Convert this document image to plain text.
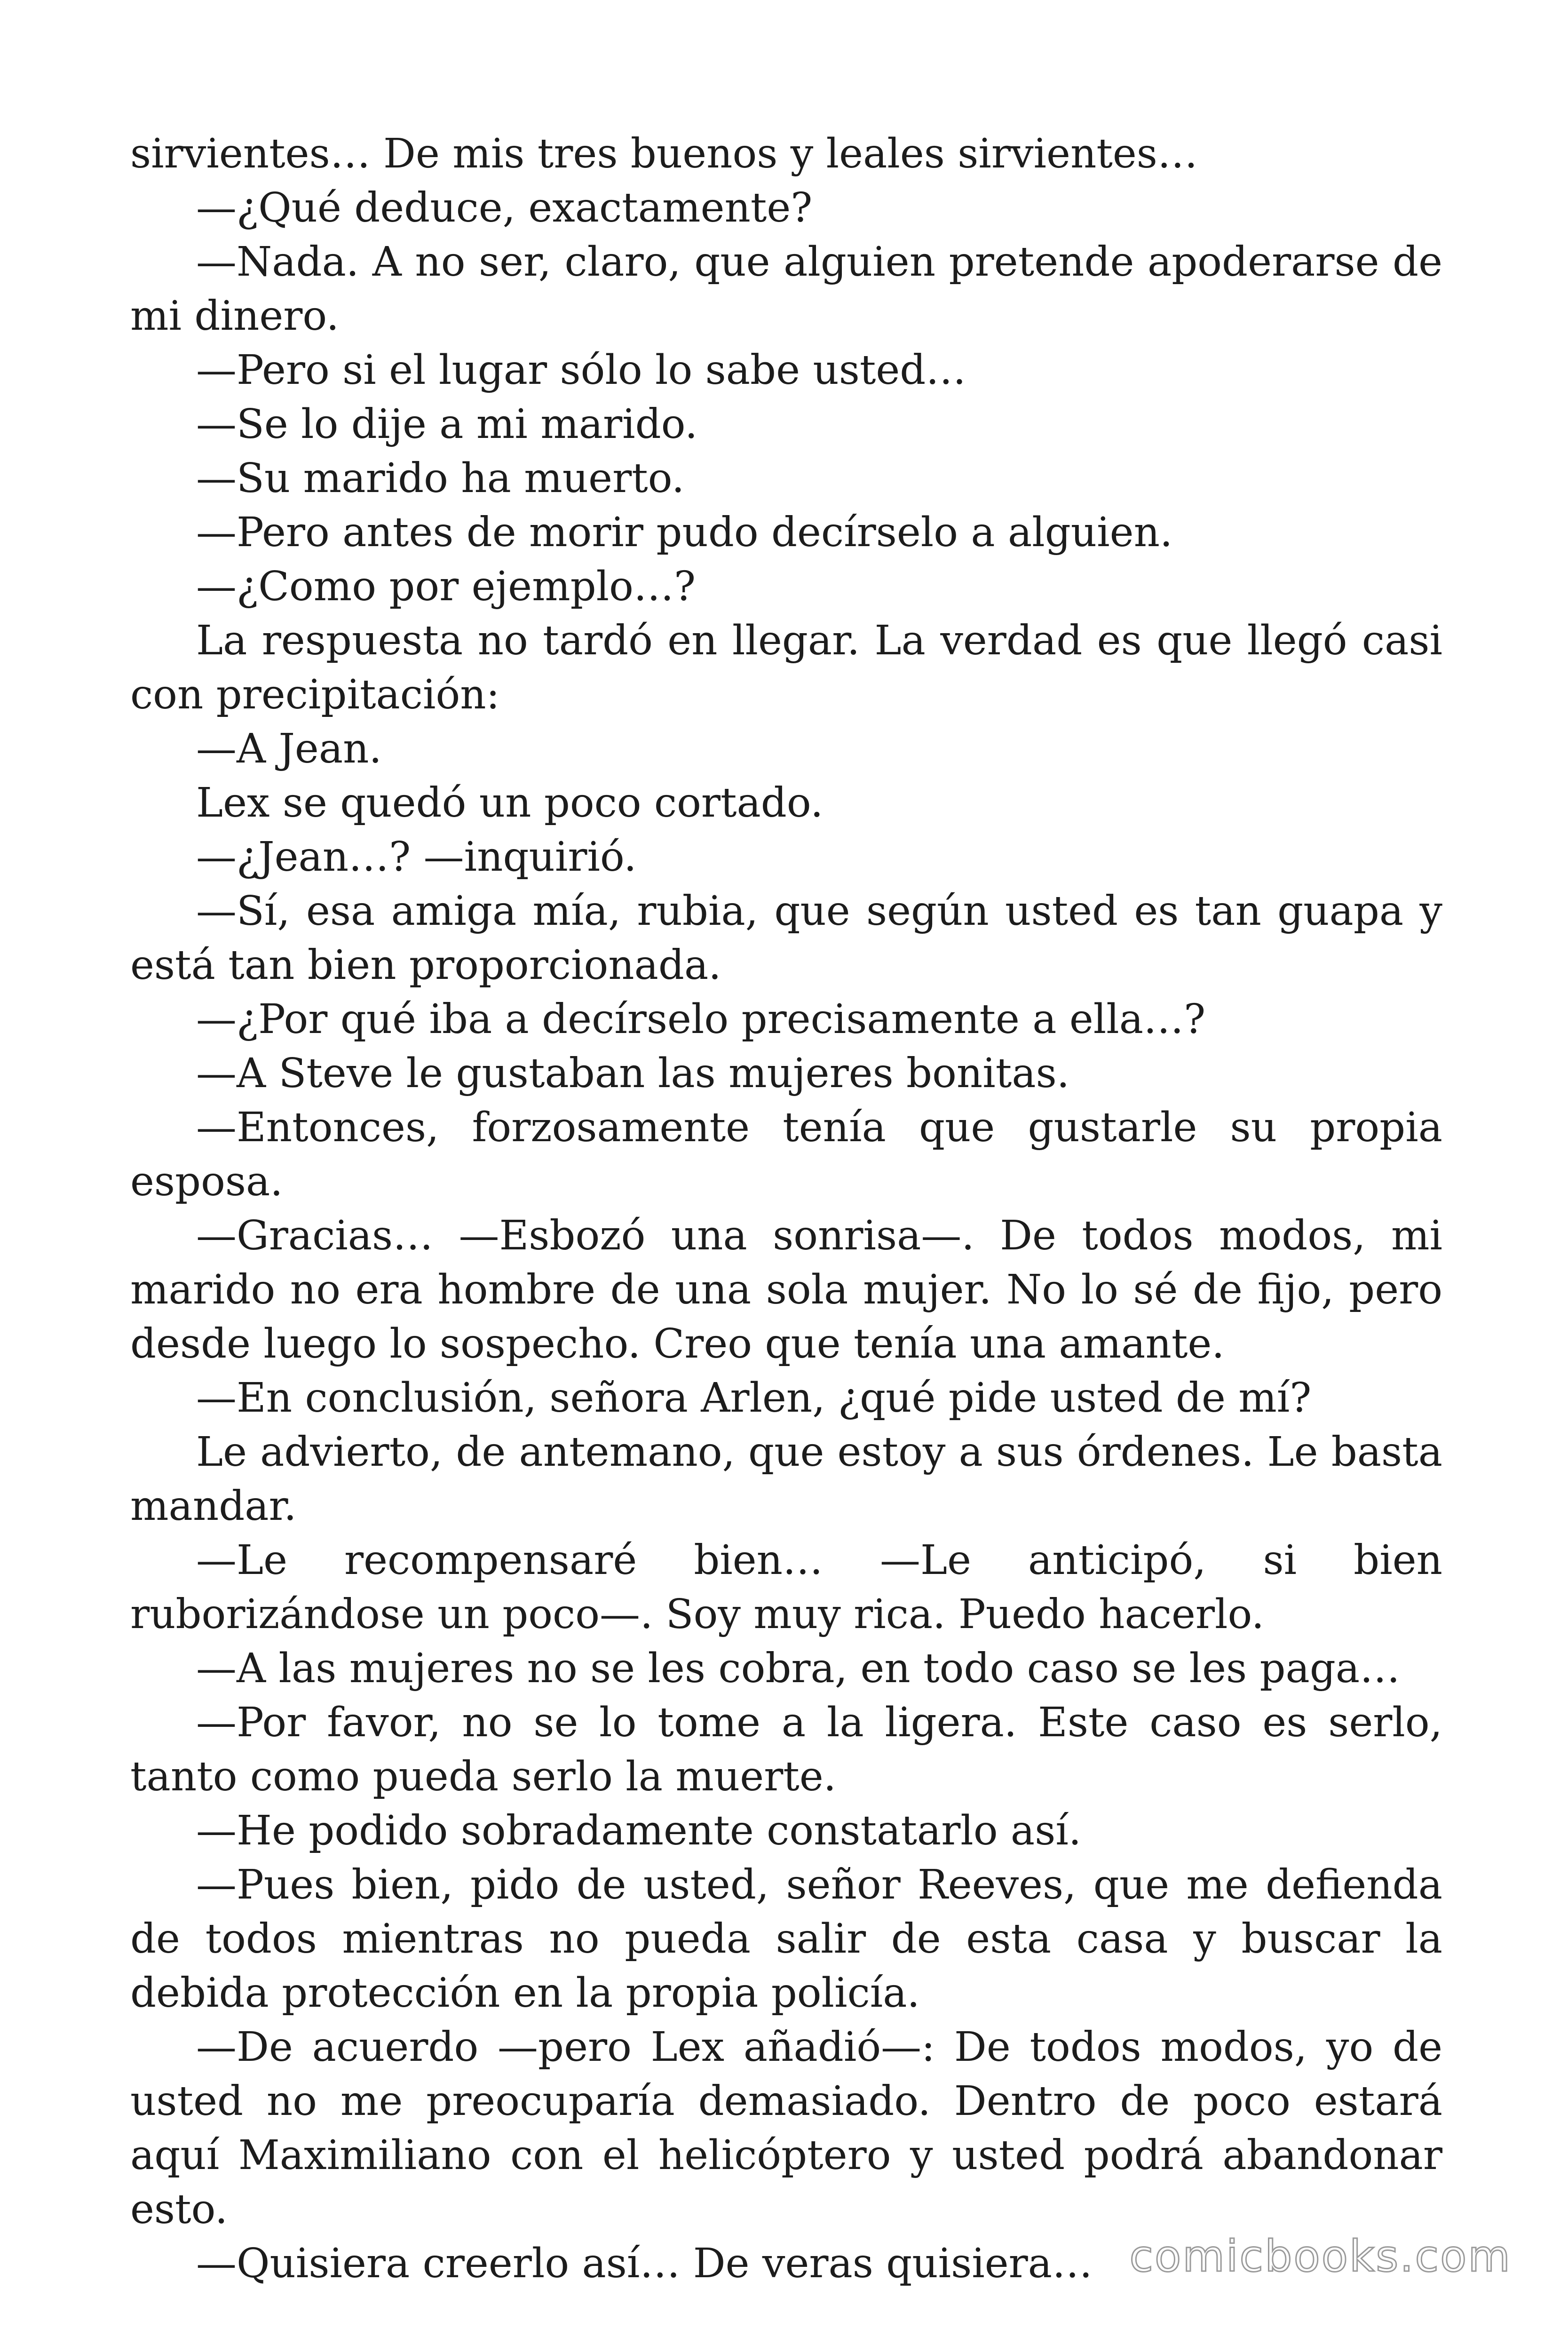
sirvientes… De mis tres buenos y leales sirvientes…

—¿Qué deduce, exactamente?

—Nada. A no ser, claro, que alguien pretende apoderarse de mi dinero.

—Pero si el lugar sólo lo sabe usted…

—Se lo dije a mi marido.

—Su marido ha muerto.

—Pero antes de morir pudo decírselo a alguien.

—¿Como por ejemplo…?

La respuesta no tardó en llegar. La verdad es que llegó casi con precipitación:

—A Jean.

Lex se quedó un poco cortado.

—¿Jean…? —inquirió.

—Sí, esa amiga mía, rubia, que según usted es tan guapa y está tan bien proporcionada.

—¿Por qué iba a decírselo precisamente a ella…?

—A Steve le gustaban las mujeres bonitas.

—Entonces, forzosamente tenía que gustarle su propia esposa.

—Gracias… —Esbozó una sonrisa—. De todos modos, mi marido no era hombre de una sola mujer. No lo sé de fijo, pero desde luego lo sospecho. Creo que tenía una amante.

—En conclusión, señora Arlen, ¿qué pide usted de mí?

Le advierto, de antemano, que estoy a sus órdenes. Le basta mandar.

—Le recompensaré bien… —Le anticipó, si bien ruborizándose un poco—. Soy muy rica. Puedo hacerlo.

—A las mujeres no se les cobra, en todo caso se les paga…

—Por favor, no se lo tome a la ligera. Este caso es serlo, tanto como pueda serlo la muerte.

—He podido sobradamente constatarlo así.

—Pues bien, pido de usted, señor Reeves, que me defienda de todos mientras no pueda salir de esta casa y buscar la debida protección en la propia policía.

—De acuerdo —pero Lex añadió—: De todos modos, yo de usted no me preocuparía demasiado. Dentro de poco estará aquí Maximiliano con el helicóptero y usted podrá abandonar esto.

—Quisiera creerlo así… De veras quisiera… comicbooks.com
